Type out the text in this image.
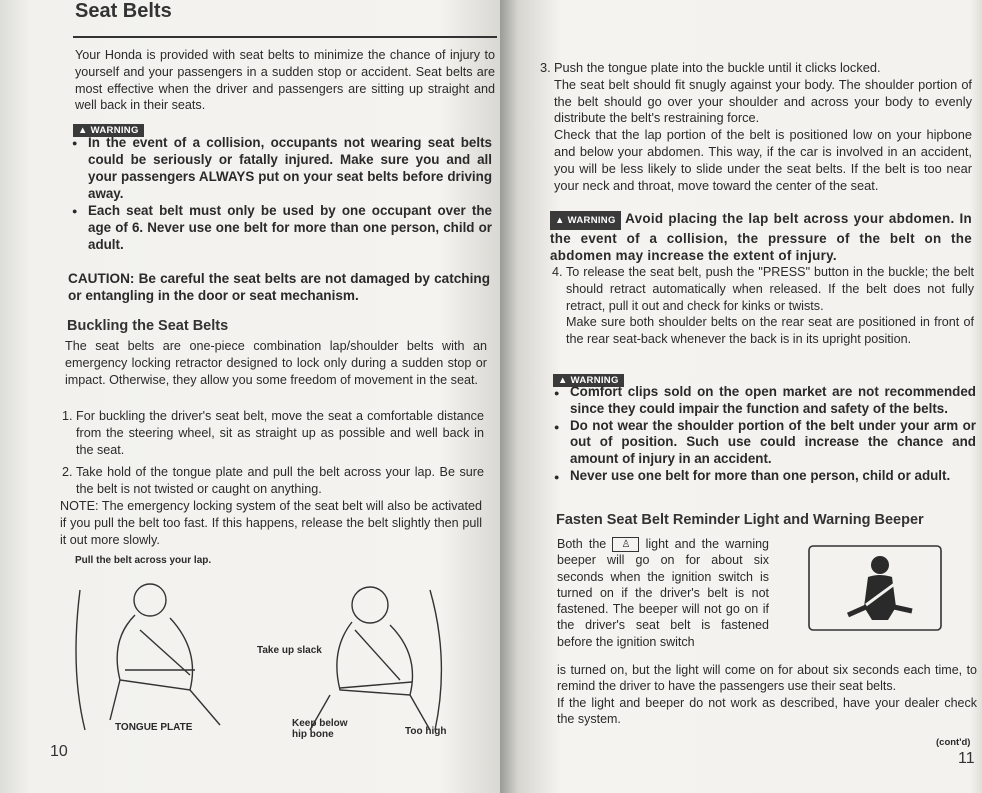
Seat Belts
Your Honda is provided with seat belts to minimize the chance of injury to yourself and your passengers in a sudden stop or accident. Seat belts are most effective when the driver and passengers are sitting up straight and well back in their seats.
▲ WARNING
● In the event of a collision, occupants not wearing seat belts could be seriously or fatally injured. Make sure you and all your passengers ALWAYS put on your seat belts before driving away.
● Each seat belt must only be used by one occupant over the age of 6. Never use one belt for more than one person, child or adult.
CAUTION: Be careful the seat belts are not damaged by catching or entangling in the door or seat mechanism.
Buckling the Seat Belts
The seat belts are one-piece combination lap/shoulder belts with an emergency locking retractor designed to lock only during a sudden stop or impact. Otherwise, they allow you some freedom of movement in the seat.
1. For buckling the driver's seat belt, move the seat a comfortable distance from the steering wheel, sit as straight up as possible and well back in the seat.
2. Take hold of the tongue plate and pull the belt across your lap. Be sure the belt is not twisted or caught on anything.
NOTE: The emergency locking system of the seat belt will also be activated if you pull the belt too fast. If this happens, release the belt slightly then pull it out more slowly.
Pull the belt across your lap.
Take up slack
TONGUE PLATE	Keep below
hip bone	Too high
10
3. Push the tongue plate into the buckle until it clicks locked.
The seat belt should fit snugly against your body. The shoulder portion of the belt should go over your shoulder and across your body to evenly distribute the belt's restraining force.
Check that the lap portion of the belt is positioned low on your hipbone and below your abdomen. This way, if the car is involved in an accident, you will be less likely to slide under the seat belts. If the belt is too near your neck and throat, move toward the center of the seat.
▲ WARNING Avoid placing the lap belt across your abdomen. In the event of a collision, the pressure of the belt on the abdomen may increase the extent of injury.
4. To release the seat belt, push the "PRESS" button in the buckle; the belt should retract automatically when released. If the belt does not fully retract, pull it out and check for kinks or twists.
Make sure both shoulder belts on the rear seat are positioned in front of the rear seat-back whenever the back is in its upright position.
▲ WARNING
● Comfort clips sold on the open market are not recommended since they could impair the function and safety of the belts.
● Do not wear the shoulder portion of the belt under your arm or out of position. Such use could increase the chance and amount of injury in an accident.
● Never use one belt for more than one person, child or adult.
Fasten Seat Belt Reminder Light and Warning Beeper
Both the ♙ light and the warning beeper will go on for about six seconds when the ignition switch is turned on if the driver's belt is not fastened. The beeper will not go on if the driver's seat belt is fastened before the ignition switch
is turned on, but the light will come on for about six seconds each time, to remind the driver to have the passengers use their seat belts.
If the light and beeper do not work as described, have your dealer check the system.
(cont'd)
11
